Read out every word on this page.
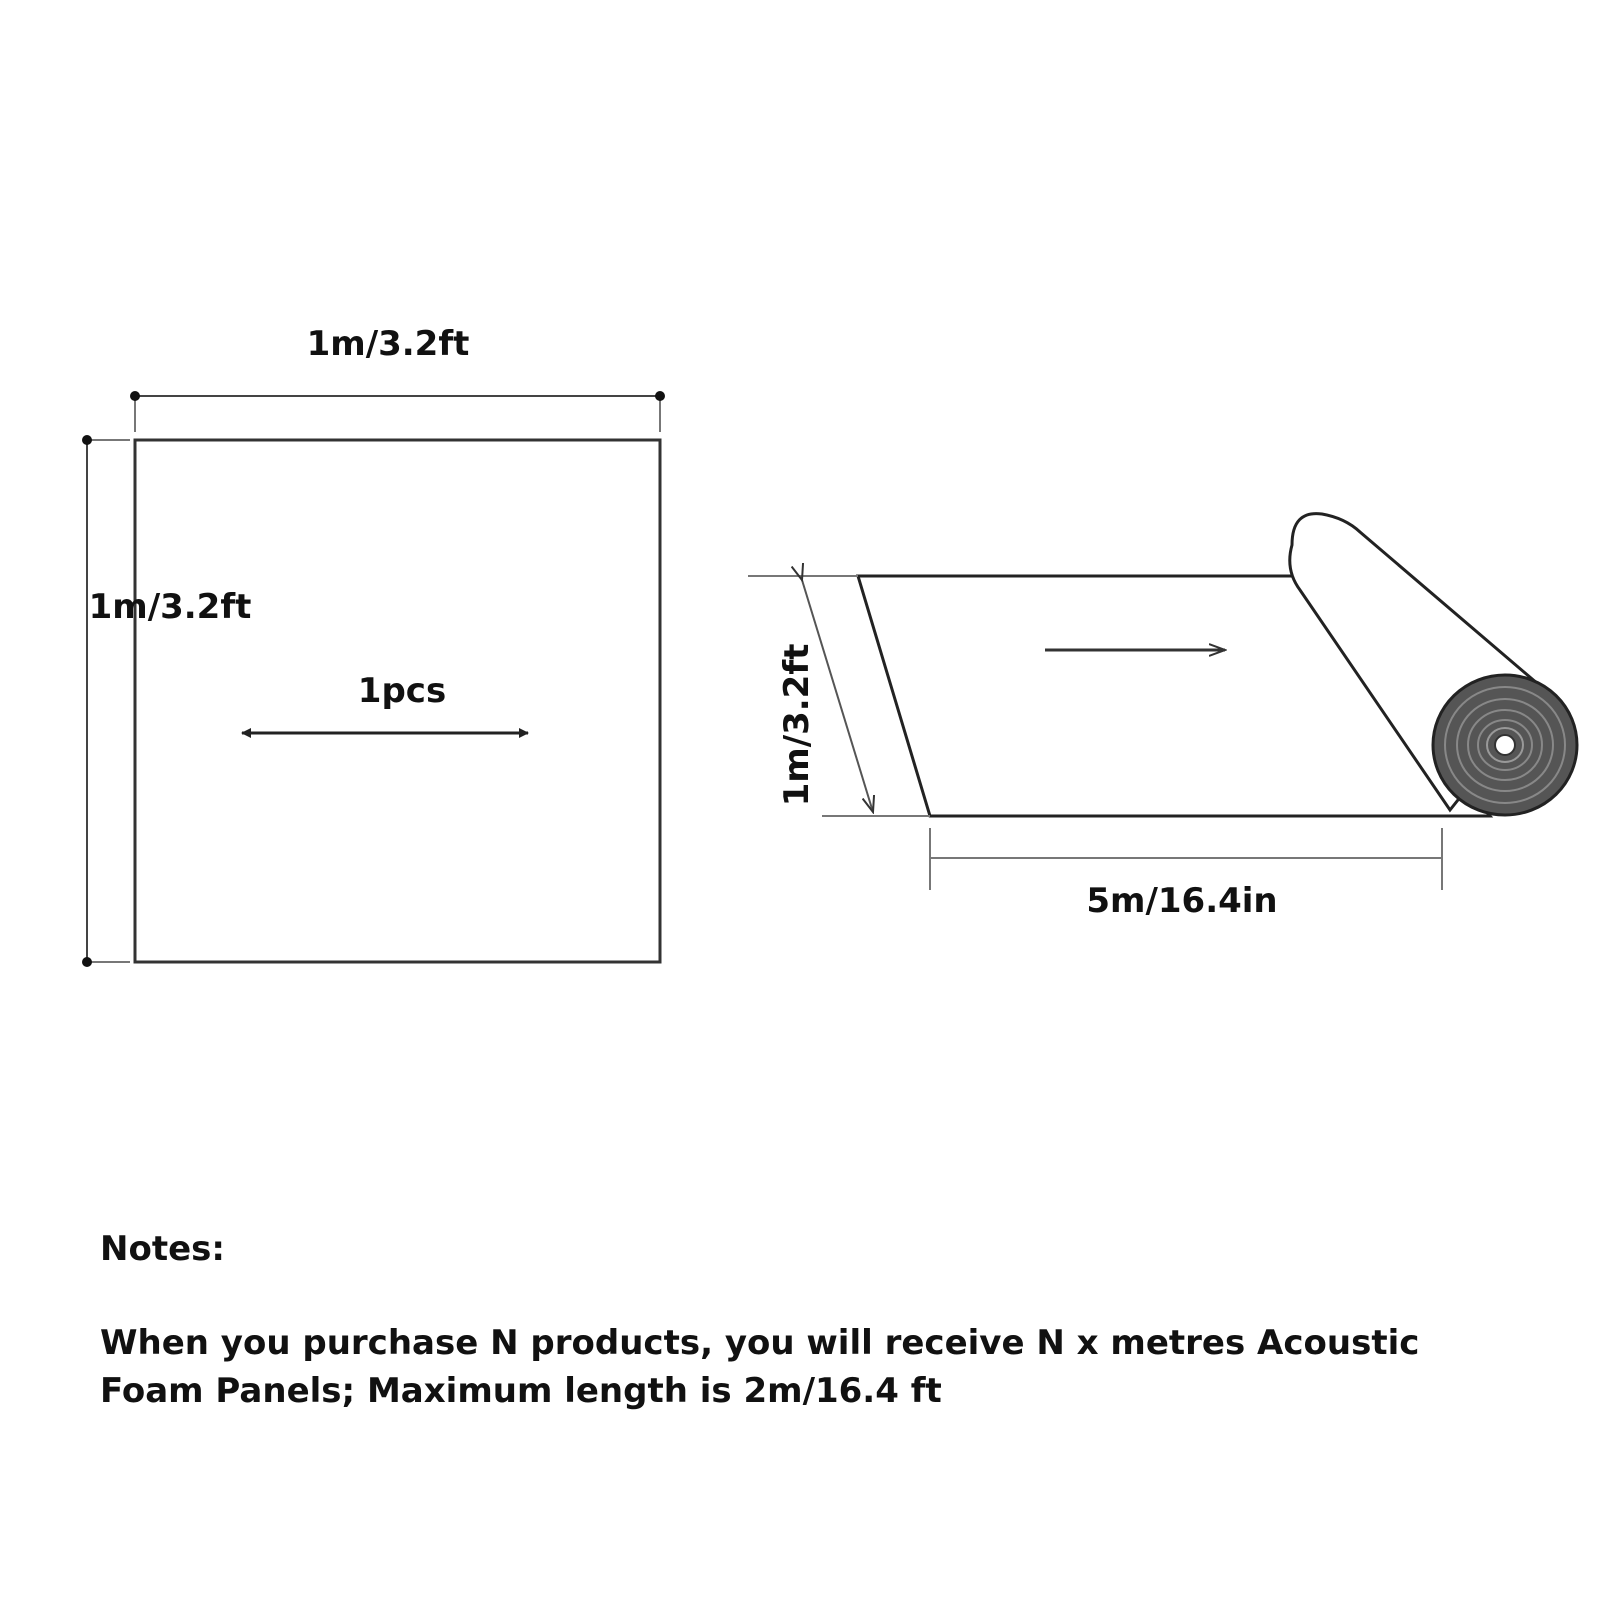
1m/3.2ft
1m/3.2ft
1pcs	1m/3.2ft
5m/16.4in

Notes:

When you purchase N products, you will receive N x metres Acoustic Foam Panels; Maximum length is 2m/16.4 ft
